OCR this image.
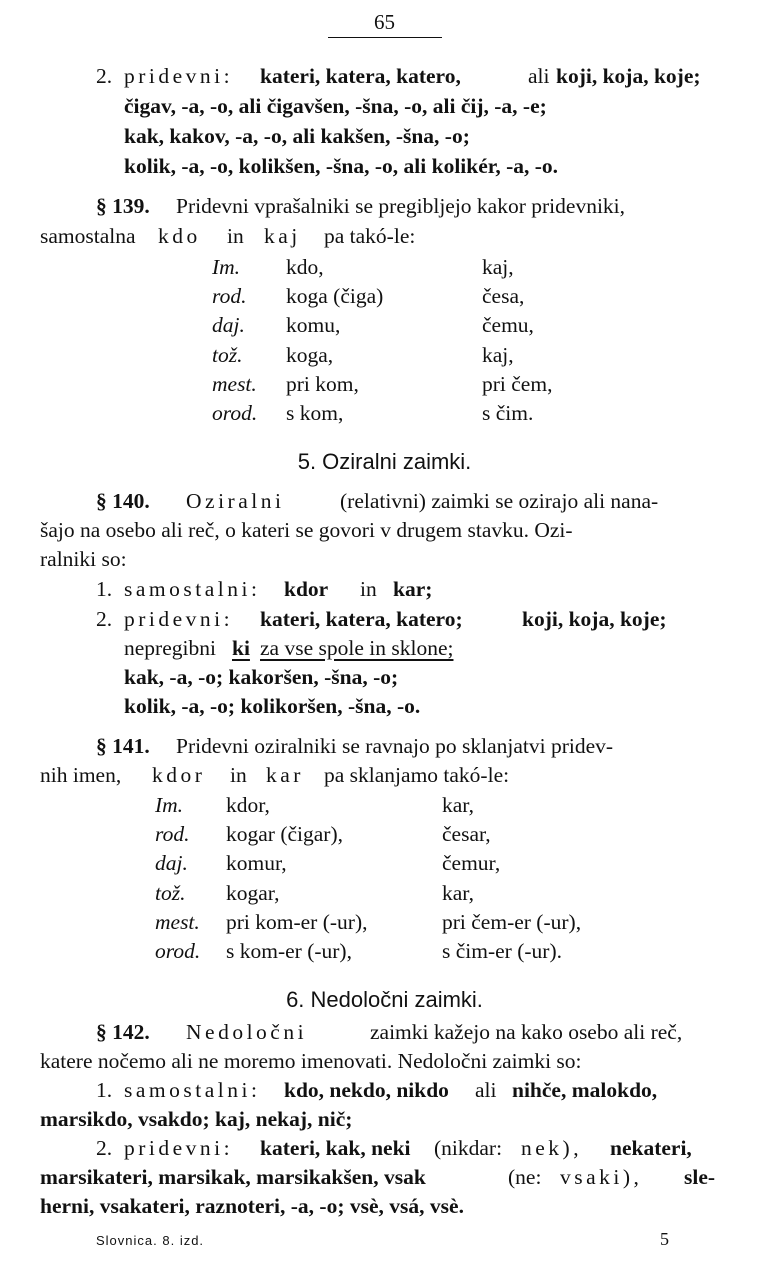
65
2. pridevni: kateri, katera, katero,	ali koji, koja, koje;
čigav, -a, -o, ali čigavšen, -šna, -o, ali čij, -a, -e;
kak, kakov, -a, -o, ali kakšen, -šna, -o;
kolik, -a, -o, kolikšen, -šna, -o, ali kolikér, -a, -o.
§ 139. Pridevni vprašalniki se pregibljejo kakor pridevniki,
samostalna kdo in kaj pa takó-le:
Im. kdo,	kaj,
rod. koga (čiga)	česa,
daj. komu,	čemu,
tož. koga,	kaj,
mest. pri kom,	pri čem,
orod. s kom,	s čim.
5. Oziralni zaimki.
§ 140. Oziralni	(relativni) zaimki se ozirajo ali nana-
šajo na osebo ali reč, o kateri se govori v drugem stavku. Ozi-
ralniki so:
1. samostalni: kdor in kar;
2. pridevni: kateri, katera, katero;	koji, koja, koje;
nepregibni ki za vse spole in sklone;
kak, -a, -o; kakoršen, -šna, -o;
kolik, -a, -o; kolikoršen, -šna, -o.
§ 141. Pridevni oziralniki se ravnajo po sklanjatvi pridev-
nih imen, kdor in kar pa sklanjamo takó-le:
Im. kdor,	kar,
rod. kogar (čigar),	česar,
daj. komur,	čemur,
tož. kogar,	kar,
mest. pri kom-er (-ur),	pri čem-er (-ur),
orod. s kom-er (-ur),	s čim-er (-ur).
6. Nedoločni zaimki.
§ 142. Nedoločni	zaimki kažejo na kako osebo ali reč,
katere nočemo ali ne moremo imenovati. Nedoločni zaimki so:
1. samostalni: kdo, nekdo, nikdo ali nihče, malokdo,
marsikdo, vsakdo; kaj, nekaj, nič;
2. pridevni: kateri, kak, neki (nikdar: nek), nekateri,
marsikateri, marsikak, marsikakšen, vsak	(ne: vsaki), sle-
herni, vsakateri, raznoteri, -a, -o; vsè, vsá, vsè.
Slovnica. 8. izd.	5
